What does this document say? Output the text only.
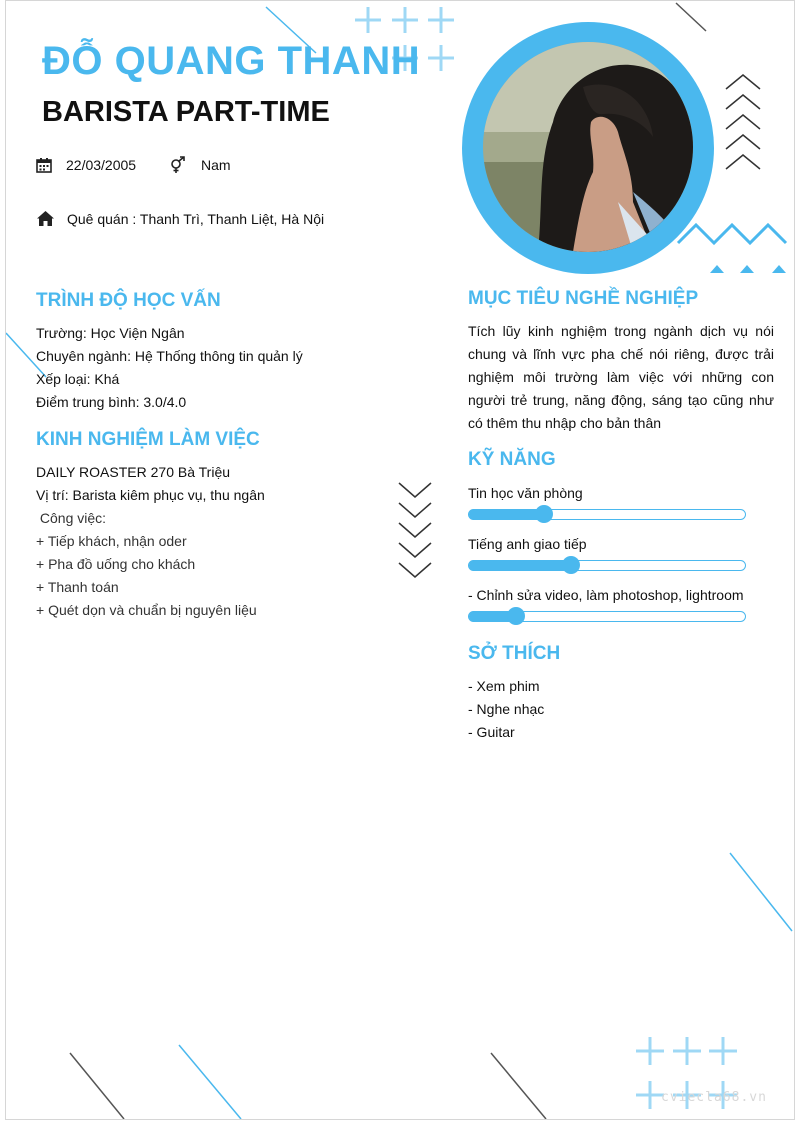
ĐỖ QUANG THANH
BARISTA PART-TIME
22/03/2005	Nam
Quê quán : Thanh Trì, Thanh Liệt, Hà Nội
TRÌNH ĐỘ HỌC VẤN
Trường: Học Viện Ngân
Chuyên ngành: Hệ Thống thông tin quản lý
Xếp loại: Khá
Điểm trung bình: 3.0/4.0
KINH NGHIỆM LÀM VIỆC
DAILY ROASTER 270 Bà Triệu
Vị trí: Barista kiêm phục vụ, thu ngân
Công việc:
+ Tiếp khách, nhận oder
+ Pha đồ uống cho khách
+ Thanh toán
+ Quét dọn và chuẩn bị nguyên liệu
MỤC TIÊU NGHỀ NGHIỆP
Tích lũy kinh nghiệm trong ngành dịch vụ nói chung và lĩnh vực pha chế nói riêng, được trải nghiệm môi trường làm việc với những con người trẻ trung, năng động, sáng tạo cũng như có thêm thu nhập cho bản thân
KỸ NĂNG
Tin học văn phòng
Tiếng anh giao tiếp
- Chỉnh sửa video, làm photoshop, lightroom
SỞ THÍCH
- Xem phim
- Nghe nhạc
- Guitar
cviecla68.vn
